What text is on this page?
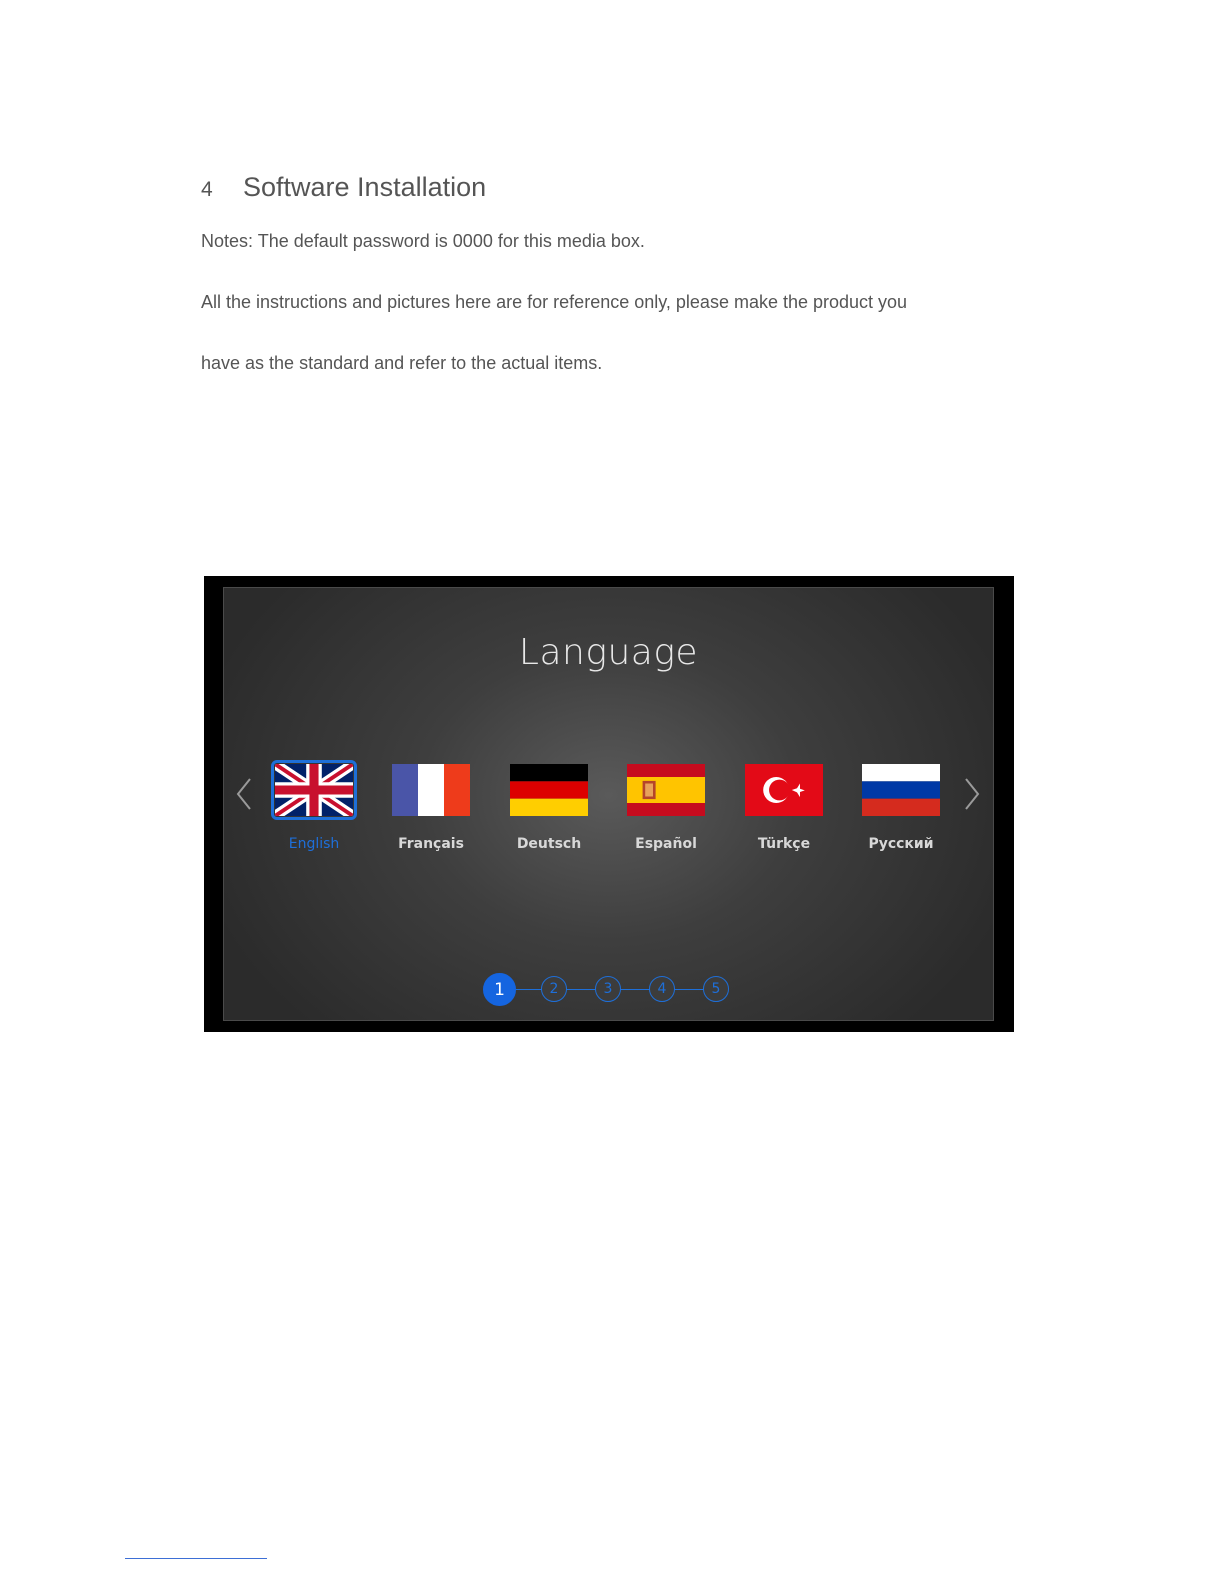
4	Software Installation
Notes: The default password is 0000 for this media box.
All the instructions and pictures here are for reference only, please make the product you
have as the standard and refer to the actual items.
Language
English	Français	Deutsch	Español	Türkçe	Русский
1	2	3	4	5
